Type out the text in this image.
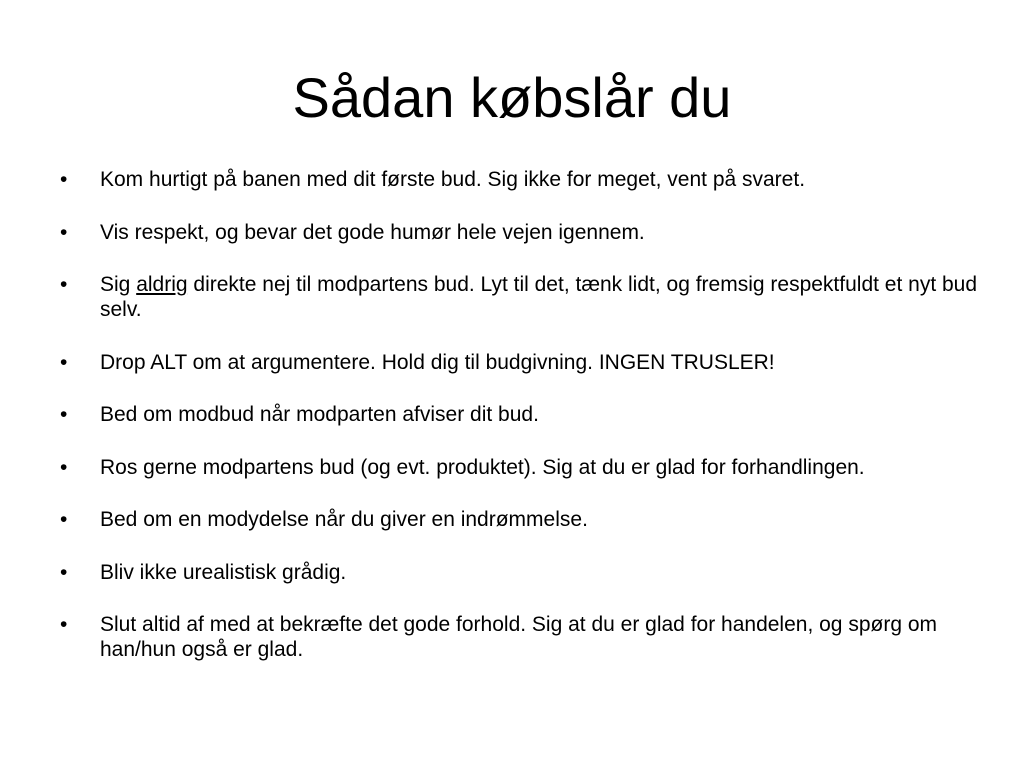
Sådan købslår du
•	Kom hurtigt på banen med dit første bud. Sig ikke for meget, vent på svaret.
•	Vis respekt, og bevar det gode humør hele vejen igennem.
•	Sig aldrig direkte nej til modpartens bud. Lyt til det, tænk lidt, og fremsig respektfuldt et nyt bud selv.
•	Drop ALT om at argumentere. Hold dig til budgivning. INGEN TRUSLER!
•	Bed om modbud når modparten afviser dit bud.
•	Ros gerne modpartens bud (og evt. produktet). Sig at du er glad for forhandlingen.
•	Bed om en modydelse når du giver en indrømmelse.
•	Bliv ikke urealistisk grådig.
•	Slut altid af med at bekræfte det gode forhold. Sig at du er glad for handelen, og spørg om han/hun også er glad.
